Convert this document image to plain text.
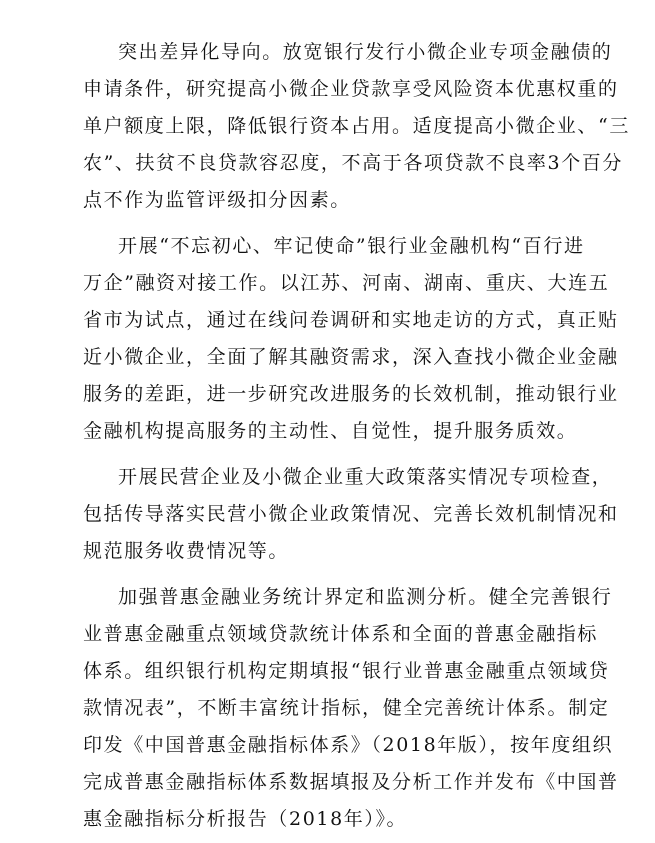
突出差异化导向。放宽银行发行小微企业专项金融债的
申请条件，研究提高小微企业贷款享受风险资本优惠权重的
单户额度上限，降低银行资本占用。适度提高小微企业、“三
农”、扶贫不良贷款容忍度，不高于各项贷款不良率3个百分
点不作为监管评级扣分因素。
开展“不忘初心、牢记使命”银行业金融机构“百行进
万企”融资对接工作。以江苏、河南、湖南、重庆、大连五
省市为试点，通过在线问卷调研和实地走访的方式，真正贴
近小微企业，全面了解其融资需求，深入查找小微企业金融
服务的差距，进一步研究改进服务的长效机制，推动银行业
金融机构提高服务的主动性、自觉性，提升服务质效。
开展民营企业及小微企业重大政策落实情况专项检查，
包括传导落实民营小微企业政策情况、完善长效机制情况和
规范服务收费情况等。
加强普惠金融业务统计界定和监测分析。健全完善银行
业普惠金融重点领域贷款统计体系和全面的普惠金融指标
体系。组织银行机构定期填报“银行业普惠金融重点领域贷
款情况表”，不断丰富统计指标，健全完善统计体系。制定
印发《中国普惠金融指标体系》（2018年版），按年度组织
完成普惠金融指标体系数据填报及分析工作并发布《中国普
惠金融指标分析报告（2018年）》。
